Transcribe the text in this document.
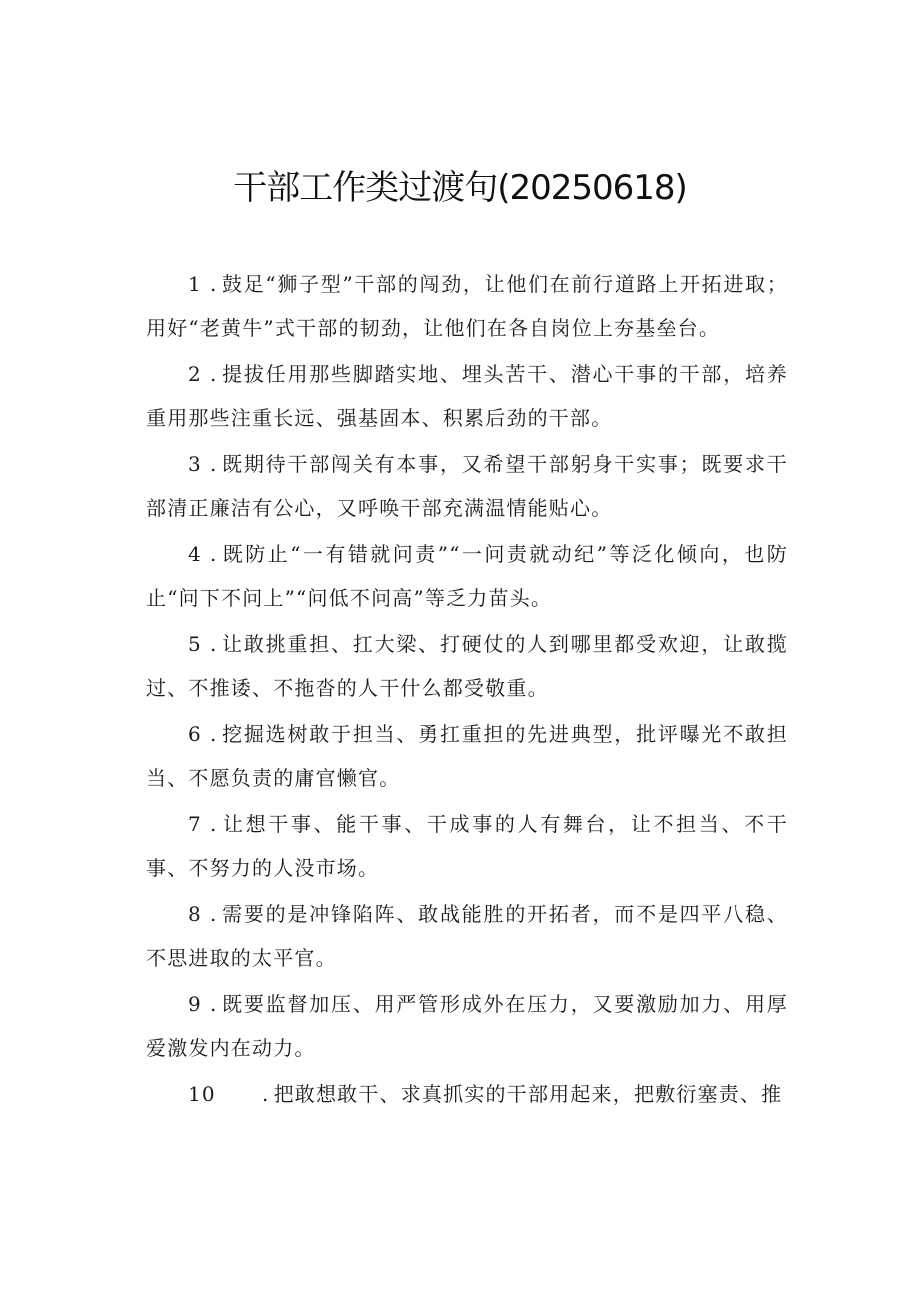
干部工作类过渡句(20250618)

1 . 鼓足“狮子型”干部的闯劲，让他们在前行道路上开拓进取；用好“老黄牛”式干部的韧劲，让他们在各自岗位上夯基垒台。

2 . 提拔任用那些脚踏实地、埋头苦干、潜心干事的干部，培养重用那些注重长远、强基固本、积累后劲的干部。

3 . 既期待干部闯关有本事，又希望干部躬身干实事；既要求干部清正廉洁有公心，又呼唤干部充满温情能贴心。

4 . 既防止“一有错就问责”“一问责就动纪”等泛化倾向，也防止“问下不问上”“问低不问高”等乏力苗头。

5 . 让敢挑重担、扛大梁、打硬仗的人到哪里都受欢迎，让敢揽过、不推诿、不拖沓的人干什么都受敬重。

6 . 挖掘选树敢于担当、勇扛重担的先进典型，批评曝光不敢担当、不愿负责的庸官懒官。

7 . 让想干事、能干事、干成事的人有舞台，让不担当、不干事、不努力的人没市场。

8 . 需要的是冲锋陷阵、敢战能胜的开拓者，而不是四平八稳、不思进取的太平官。

9 . 既要监督加压、用严管形成外在压力，又要激励加力、用厚爱激发内在动力。

10 . 把敢想敢干、求真抓实的干部用起来，把敷衍塞责、推
